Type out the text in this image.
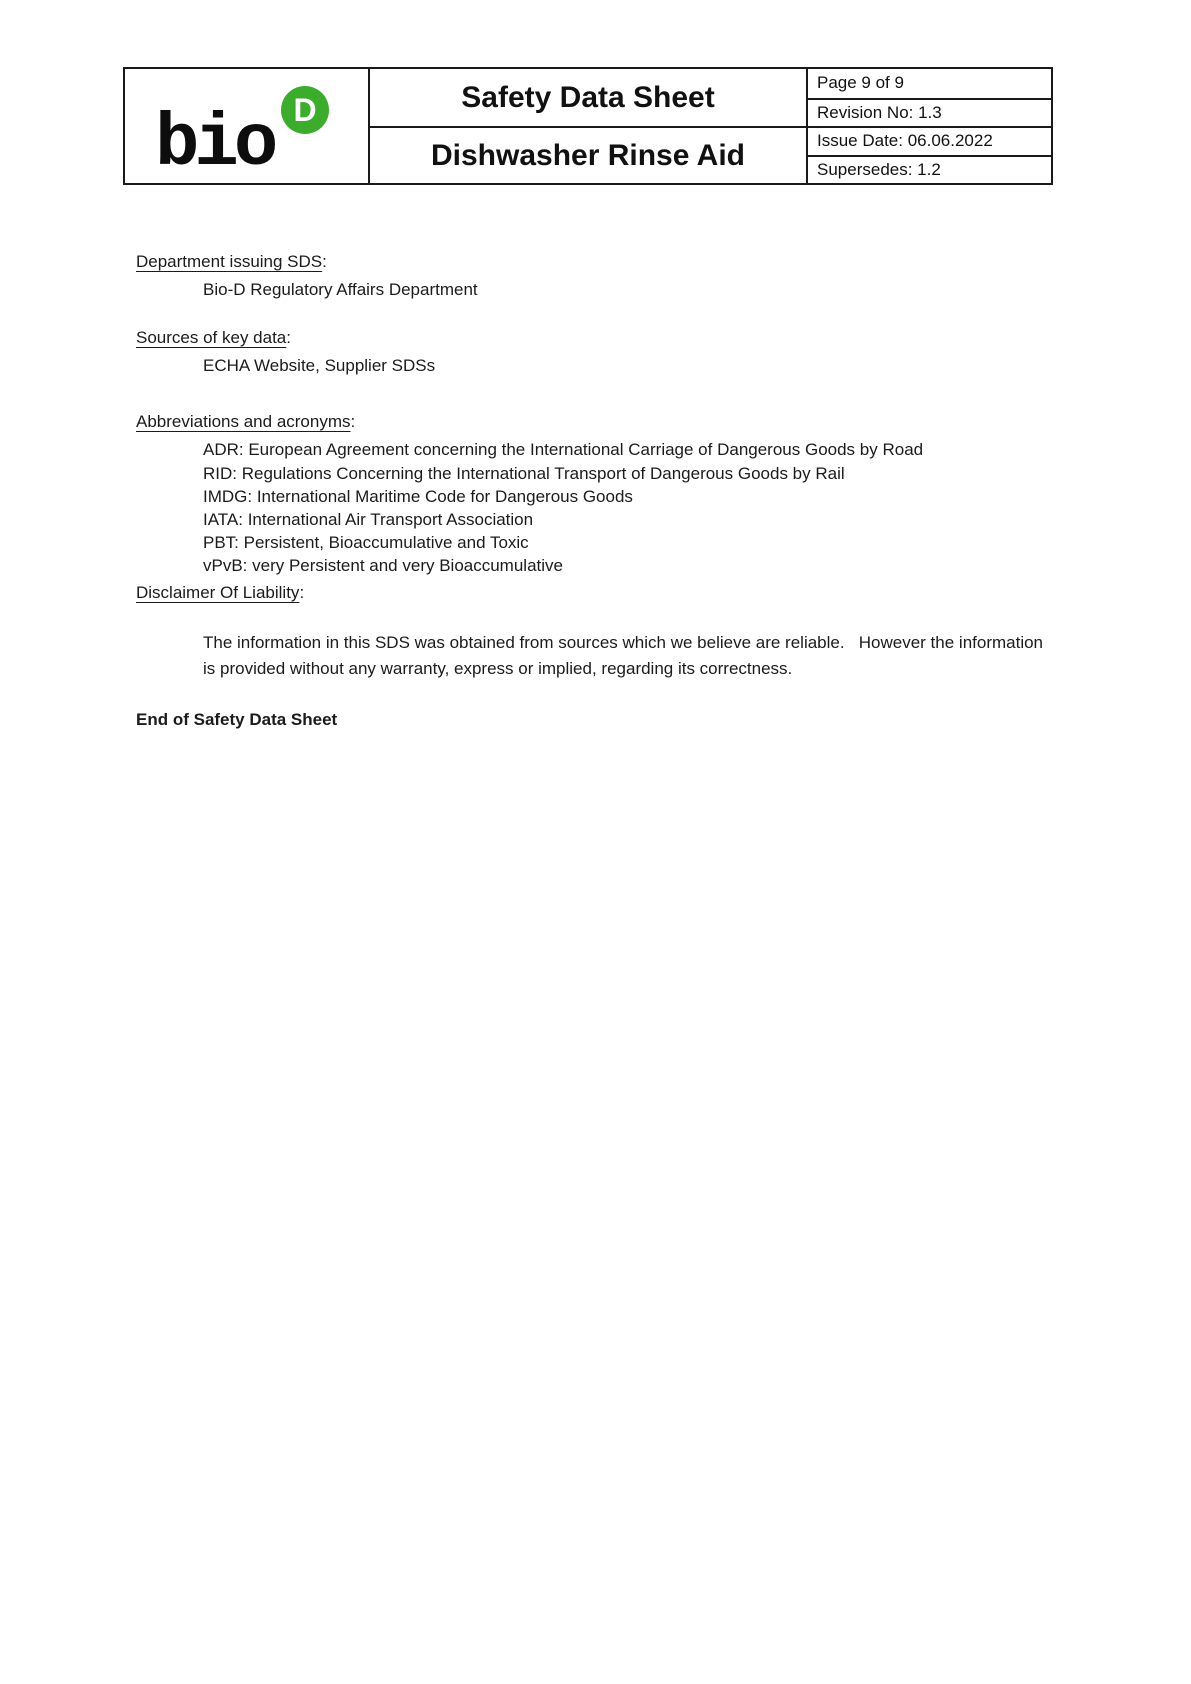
bio D	Safety Data Sheet
Dishwasher Rinse Aid
Page 9 of 9
Revision No: 1.3
Issue Date: 06.06.2022
Supersedes: 1.2
Department issuing SDS:
Bio-D Regulatory Affairs Department
Sources of key data:
ECHA Website, Supplier SDSs
Abbreviations and acronyms:
ADR: European Agreement concerning the International Carriage of Dangerous Goods by Road
RID: Regulations Concerning the International Transport of Dangerous Goods by Rail
IMDG: International Maritime Code for Dangerous Goods
IATA: International Air Transport Association
PBT: Persistent, Bioaccumulative and Toxic
vPvB: very Persistent and very Bioaccumulative
Disclaimer Of Liability:
The information in this SDS was obtained from sources which we believe are reliable.   However the information is provided without any warranty, express or implied, regarding its correctness.
End of Safety Data Sheet
